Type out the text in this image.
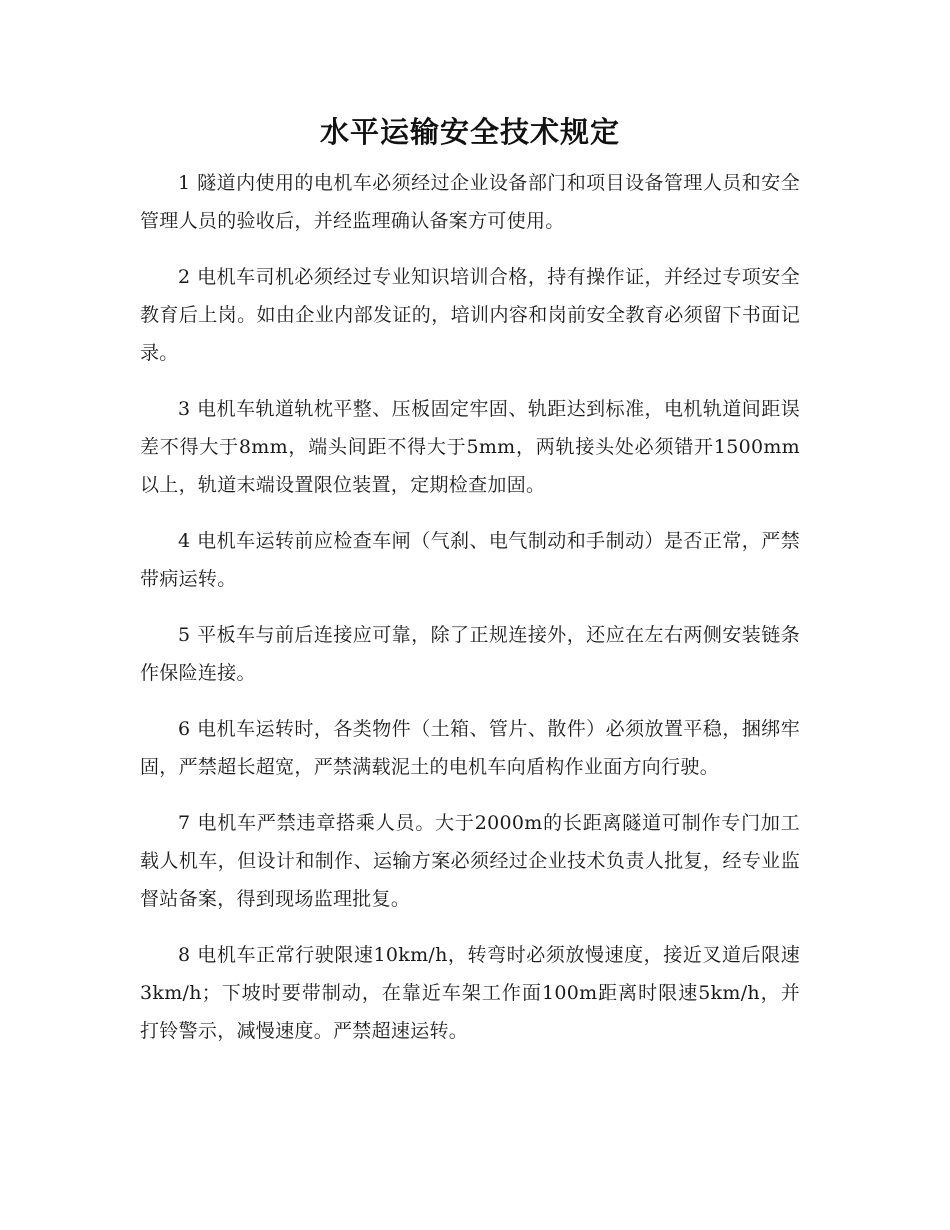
水平运输安全技术规定

1 隧道内使用的电机车必须经过企业设备部门和项目设备管理人员和安全管理人员的验收后，并经监理确认备案方可使用。

2 电机车司机必须经过专业知识培训合格，持有操作证，并经过专项安全教育后上岗。如由企业内部发证的，培训内容和岗前安全教育必须留下书面记录。

3 电机车轨道轨枕平整、压板固定牢固、轨距达到标准，电机轨道间距误差不得大于8mm，端头间距不得大于5mm，两轨接头处必须错开1500mm以上，轨道末端设置限位装置，定期检查加固。

4 电机车运转前应检查车闸（气刹、电气制动和手制动）是否正常，严禁带病运转。

5 平板车与前后连接应可靠，除了正规连接外，还应在左右两侧安装链条作保险连接。

6 电机车运转时，各类物件（土箱、管片、散件）必须放置平稳，捆绑牢固，严禁超长超宽，严禁满载泥土的电机车向盾构作业面方向行驶。

7 电机车严禁违章搭乘人员。大于2000m的长距离隧道可制作专门加工载人机车，但设计和制作、运输方案必须经过企业技术负责人批复，经专业监督站备案，得到现场监理批复。

8 电机车正常行驶限速10km/h，转弯时必须放慢速度，接近叉道后限速3km/h；下坡时要带制动，在靠近车架工作面100m距离时限速5km/h，并打铃警示，减慢速度。严禁超速运转。
